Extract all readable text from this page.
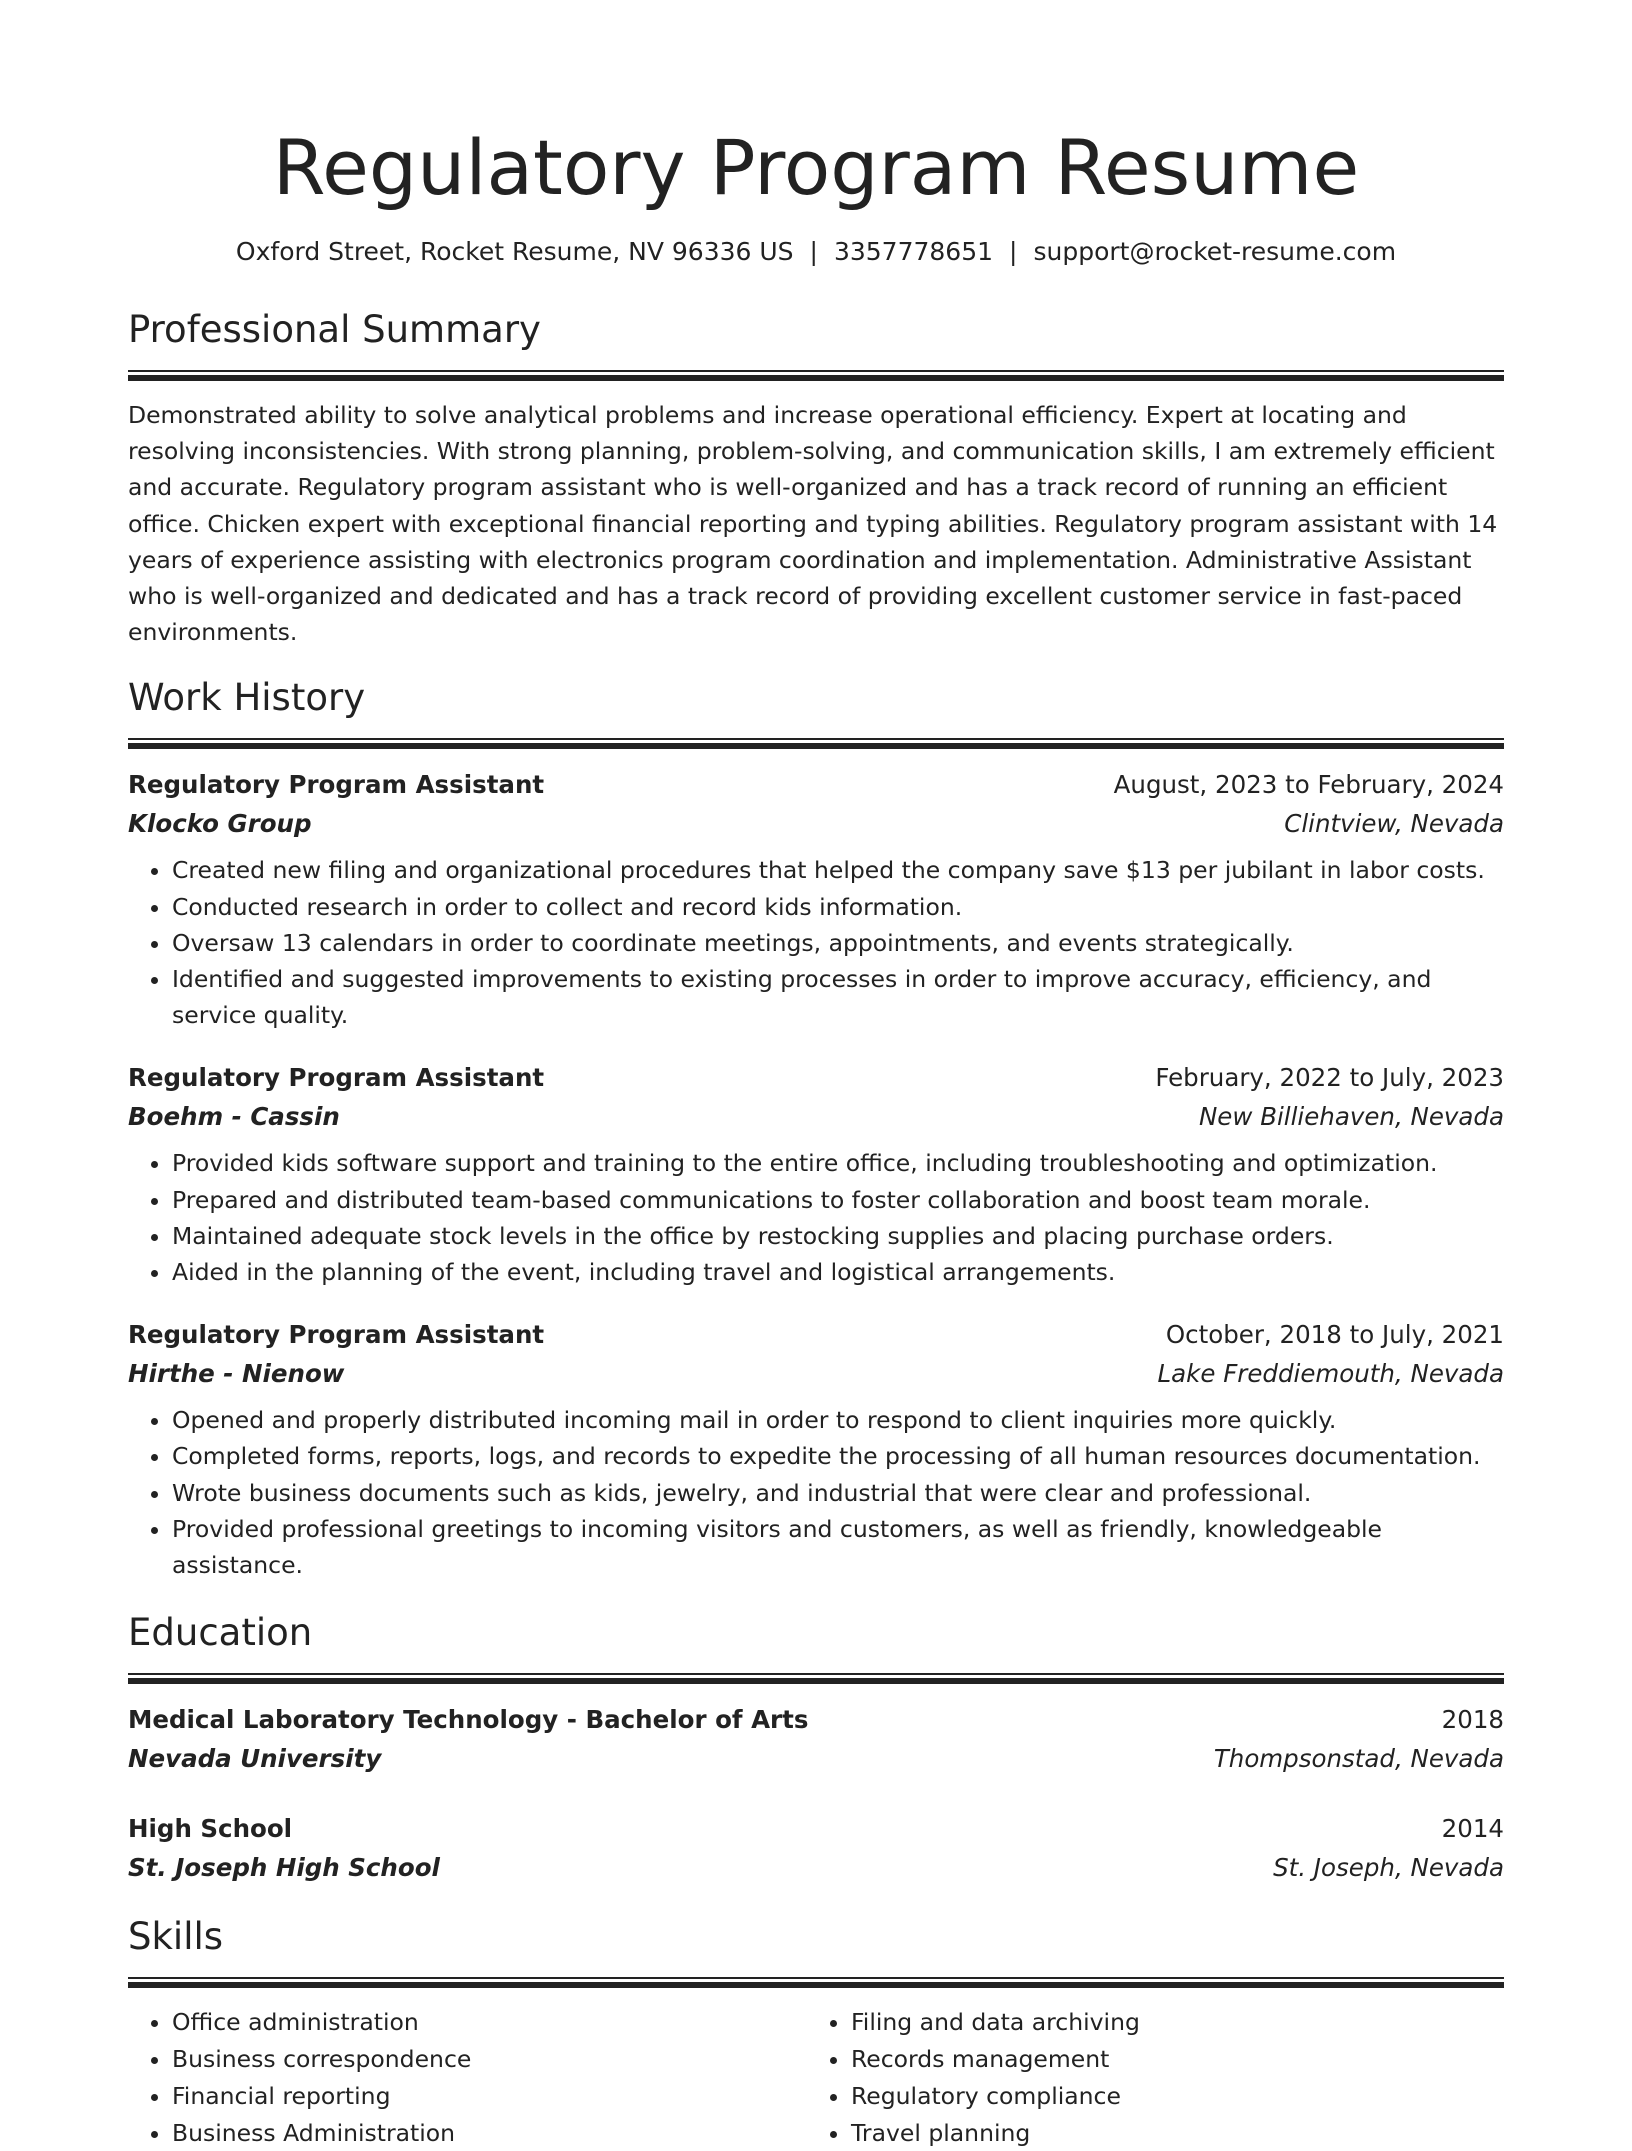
Regulatory Program Resume
Oxford Street, Rocket Resume, NV 96336 US | 3357778651 | support@rocket-resume.com
Professional Summary

Demonstrated ability to solve analytical problems and increase operational efficiency. Expert at locating and resolving inconsistencies. With strong planning, problem-solving, and communication skills, I am extremely efficient and accurate. Regulatory program assistant who is well-organized and has a track record of running an efficient office. Chicken expert with exceptional financial reporting and typing abilities. Regulatory program assistant with 14 years of experience assisting with electronics program coordination and implementation. Administrative Assistant who is well-organized and dedicated and has a track record of providing excellent customer service in fast-paced environments.

Work History
Regulatory Program Assistant	August, 2023 to February, 2024
Klocko Group	Clintview, Nevada
• Created new filing and organizational procedures that helped the company save $13 per jubilant in labor costs.
• Conducted research in order to collect and record kids information.
• Oversaw 13 calendars in order to coordinate meetings, appointments, and events strategically.
• Identified and suggested improvements to existing processes in order to improve accuracy, efficiency, and service quality.
Regulatory Program Assistant	February, 2022 to July, 2023
Boehm - Cassin	New Billiehaven, Nevada
• Provided kids software support and training to the entire office, including troubleshooting and optimization.
• Prepared and distributed team-based communications to foster collaboration and boost team morale.
• Maintained adequate stock levels in the office by restocking supplies and placing purchase orders.
• Aided in the planning of the event, including travel and logistical arrangements.
Regulatory Program Assistant	October, 2018 to July, 2021
Hirthe - Nienow	Lake Freddiemouth, Nevada
• Opened and properly distributed incoming mail in order to respond to client inquiries more quickly.
• Completed forms, reports, logs, and records to expedite the processing of all human resources documentation.
• Wrote business documents such as kids, jewelry, and industrial that were clear and professional.
• Provided professional greetings to incoming visitors and customers, as well as friendly, knowledgeable assistance.
Education
Medical Laboratory Technology - Bachelor of Arts	2018
Nevada University	Thompsonstad, Nevada
High School	2014
St. Joseph High School	St. Joseph, Nevada
Skills
• Office administration
• Business correspondence
• Financial reporting
• Business Administration
• Filing and data archiving
• Records management
• Regulatory compliance
• Travel planning
